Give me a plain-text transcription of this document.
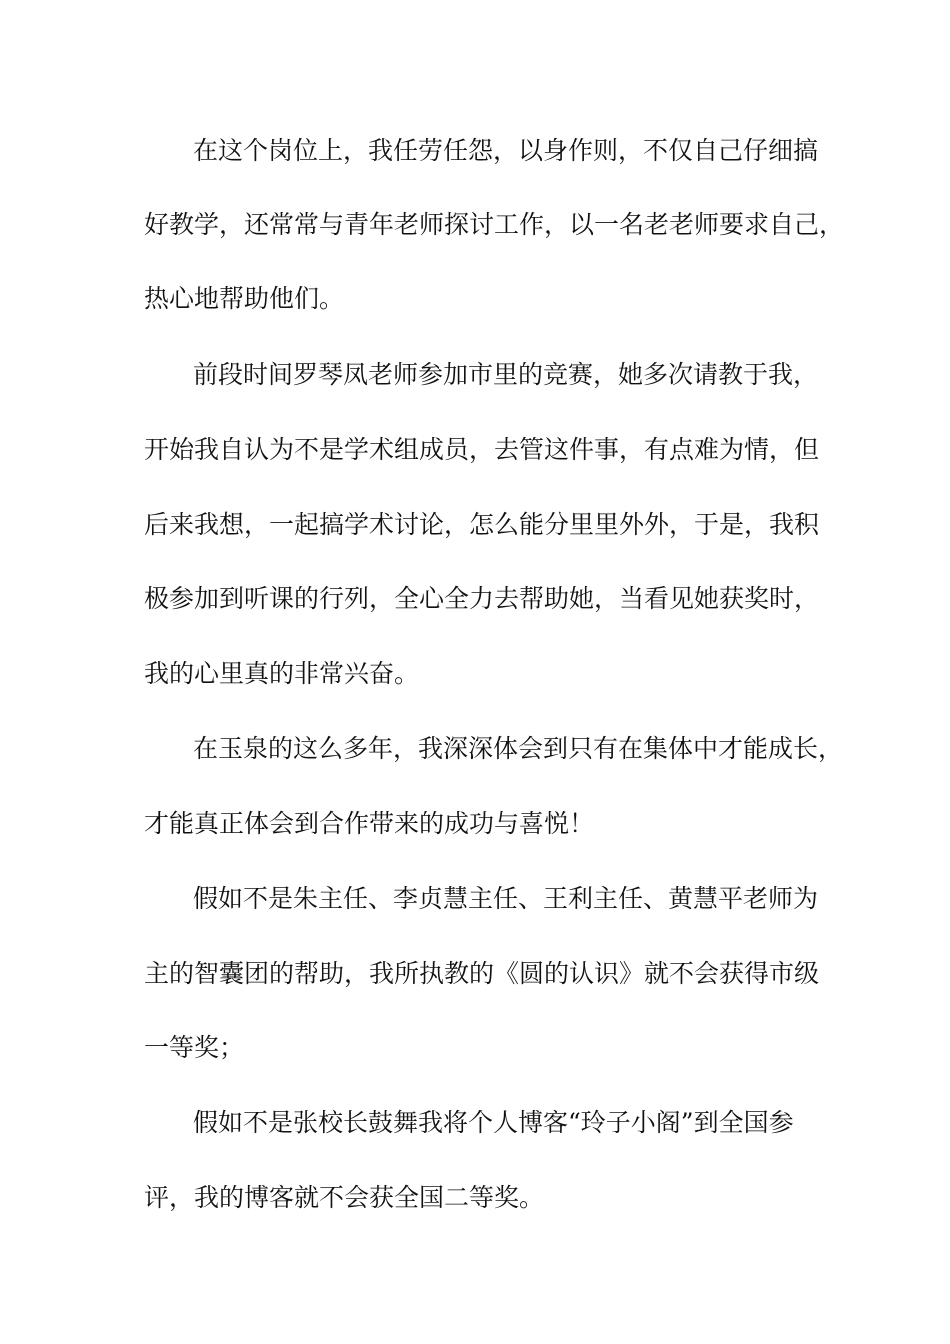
在这个岗位上，我任劳任怨，以身作则，不仅自己仔细搞
好教学，还常常与青年老师探讨工作，以一名老老师要求自己，
热心地帮助他们。
前段时间罗琴凤老师参加市里的竞赛，她多次请教于我，
开始我自认为不是学术组成员，去管这件事，有点难为情，但
后来我想，一起搞学术讨论，怎么能分里里外外，于是，我积
极参加到听课的行列，全心全力去帮助她，当看见她获奖时，
我的心里真的非常兴奋。
在玉泉的这么多年，我深深体会到只有在集体中才能成长，
才能真正体会到合作带来的成功与喜悦！
假如不是朱主任、李贞慧主任、王利主任、黄慧平老师为
主的智囊团的帮助，我所执教的《圆的认识》就不会获得市级
一等奖；
假如不是张校长鼓舞我将个人博客“玲子小阁”到全国参
评，我的博客就不会获全国二等奖。
